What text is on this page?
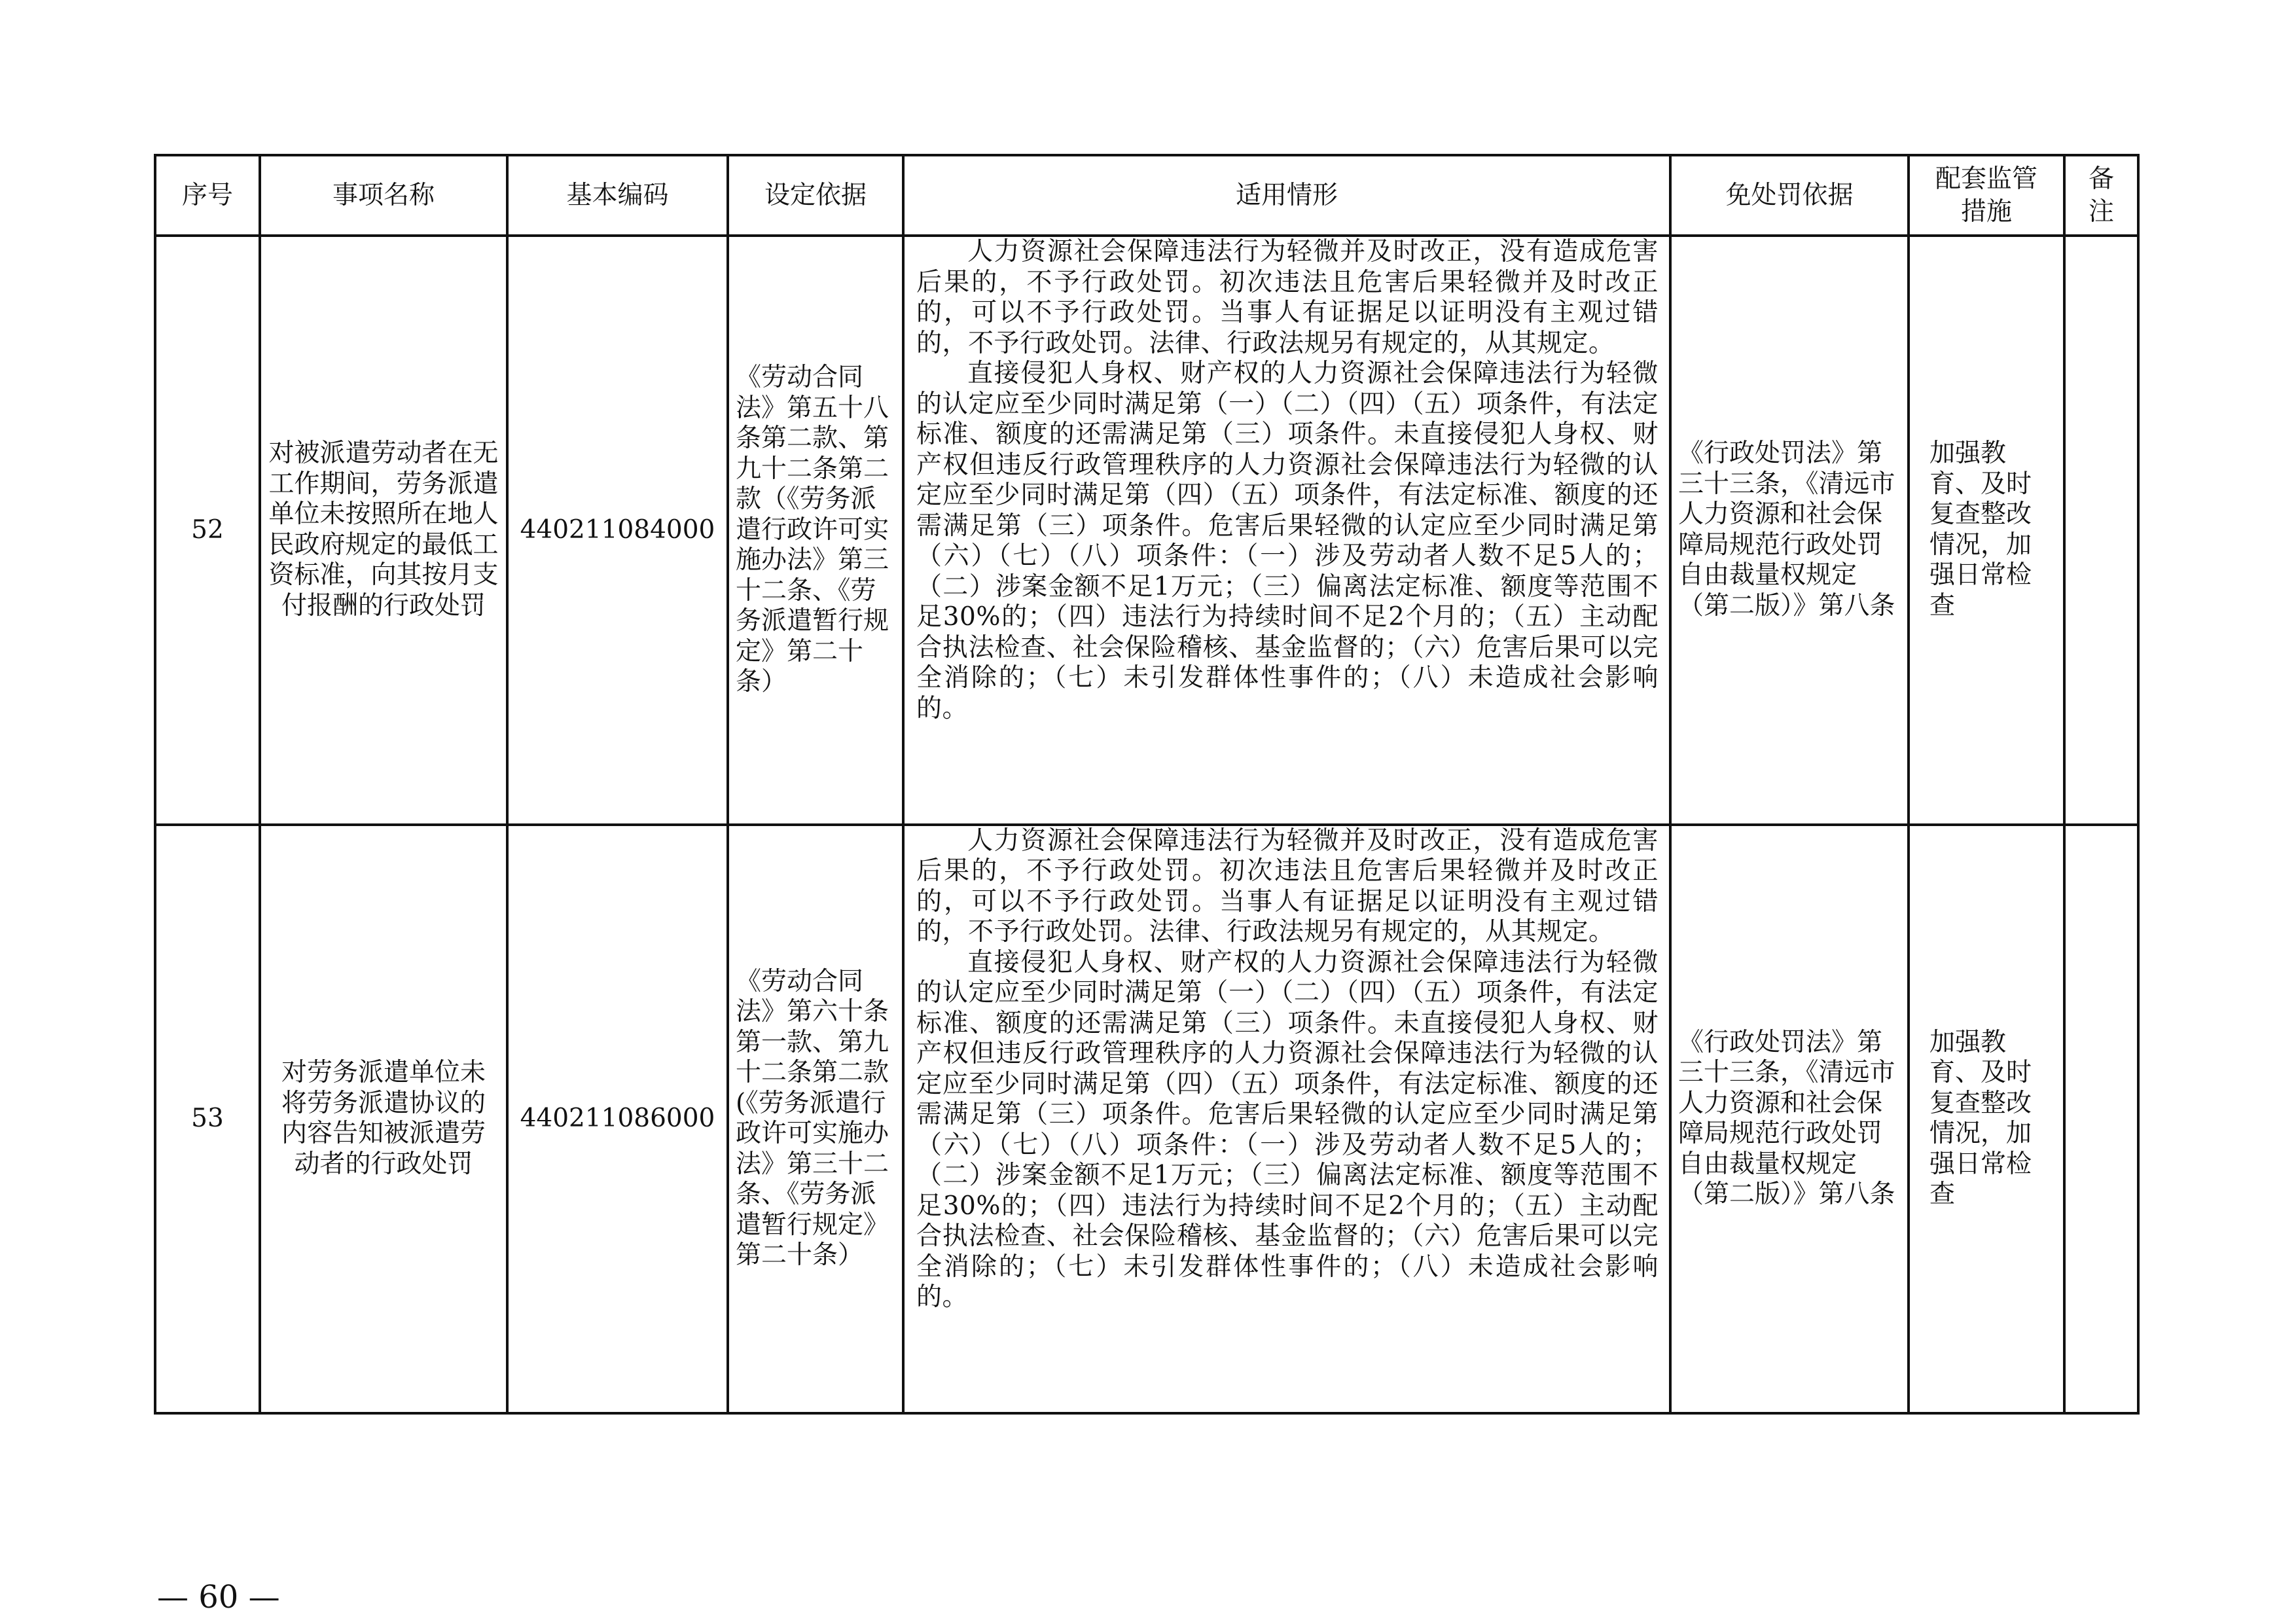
序号	事项名称	基本编码	设定依据	适用情形	免处罚依据	配套监管措施	备注
52	对被派遣劳动者在无工作期间，劳务派遣单位未按照所在地人民政府规定的最低工资标准，向其按月支付报酬的行政处罚	440211084000	《劳动合同法》第五十八条第二款、第九十二条第二款（《劳务派遣行政许可实施办法》第三十二条、《劳务派遣暂行规定》第二十条）	人力资源社会保障违法行为轻微并及时改正，没有造成危害后果的，不予行政处罚。初次违法且危害后果轻微并及时改正的，可以不予行政处罚。当事人有证据足以证明没有主观过错的，不予行政处罚。法律、行政法规另有规定的，从其规定。

直接侵犯人身权、财产权的人力资源社会保障违法行为轻微的认定应至少同时满足第（一）（二）（四）（五）项条件，有法定标准、额度的还需满足第（三）项条件。未直接侵犯人身权、财产权但违反行政管理秩序的人力资源社会保障违法行为轻微的认定应至少同时满足第（四）（五）项条件，有法定标准、额度的还需满足第（三）项条件。危害后果轻微的认定应至少同时满足第（六）（七）（八）项条件：（一）涉及劳动者人数不足5人的；（二）涉案金额不足1万元；（三）偏离法定标准、额度等范围不足30%的；（四）违法行为持续时间不足2个月的；（五）主动配合执法检查、社会保险稽核、基金监督的；（六）危害后果可以完全消除的；（七）未引发群体性事件的；（八）未造成社会影响的。	《行政处罚法》第三十三条，《清远市人力资源和社会保障局规范行政处罚自由裁量权规定（第二版）》第八条	加强教育、及时复查整改情况，加强日常检查	
53	对劳务派遣单位未将劳务派遣协议的内容告知被派遣劳动者的行政处罚	440211086000	《劳动合同法》第六十条第一款、第九十二条第二款(《劳务派遣行政许可实施办法》第三十二条、《劳务派遣暂行规定》第二十条）	人力资源社会保障违法行为轻微并及时改正，没有造成危害后果的，不予行政处罚。初次违法且危害后果轻微并及时改正的，可以不予行政处罚。当事人有证据足以证明没有主观过错的，不予行政处罚。法律、行政法规另有规定的，从其规定。

直接侵犯人身权、财产权的人力资源社会保障违法行为轻微的认定应至少同时满足第（一）（二）（四）（五）项条件，有法定标准、额度的还需满足第（三）项条件。未直接侵犯人身权、财产权但违反行政管理秩序的人力资源社会保障违法行为轻微的认定应至少同时满足第（四）（五）项条件，有法定标准、额度的还需满足第（三）项条件。危害后果轻微的认定应至少同时满足第（六）（七）（八）项条件：（一）涉及劳动者人数不足5人的；（二）涉案金额不足1万元；（三）偏离法定标准、额度等范围不足30%的；（四）违法行为持续时间不足2个月的；（五）主动配合执法检查、社会保险稽核、基金监督的；（六）危害后果可以完全消除的；（七）未引发群体性事件的；（八）未造成社会影响的。	《行政处罚法》第三十三条，《清远市人力资源和社会保障局规范行政处罚自由裁量权规定（第二版）》第八条	加强教育、及时复查整改情况，加强日常检查	
— 60 —
